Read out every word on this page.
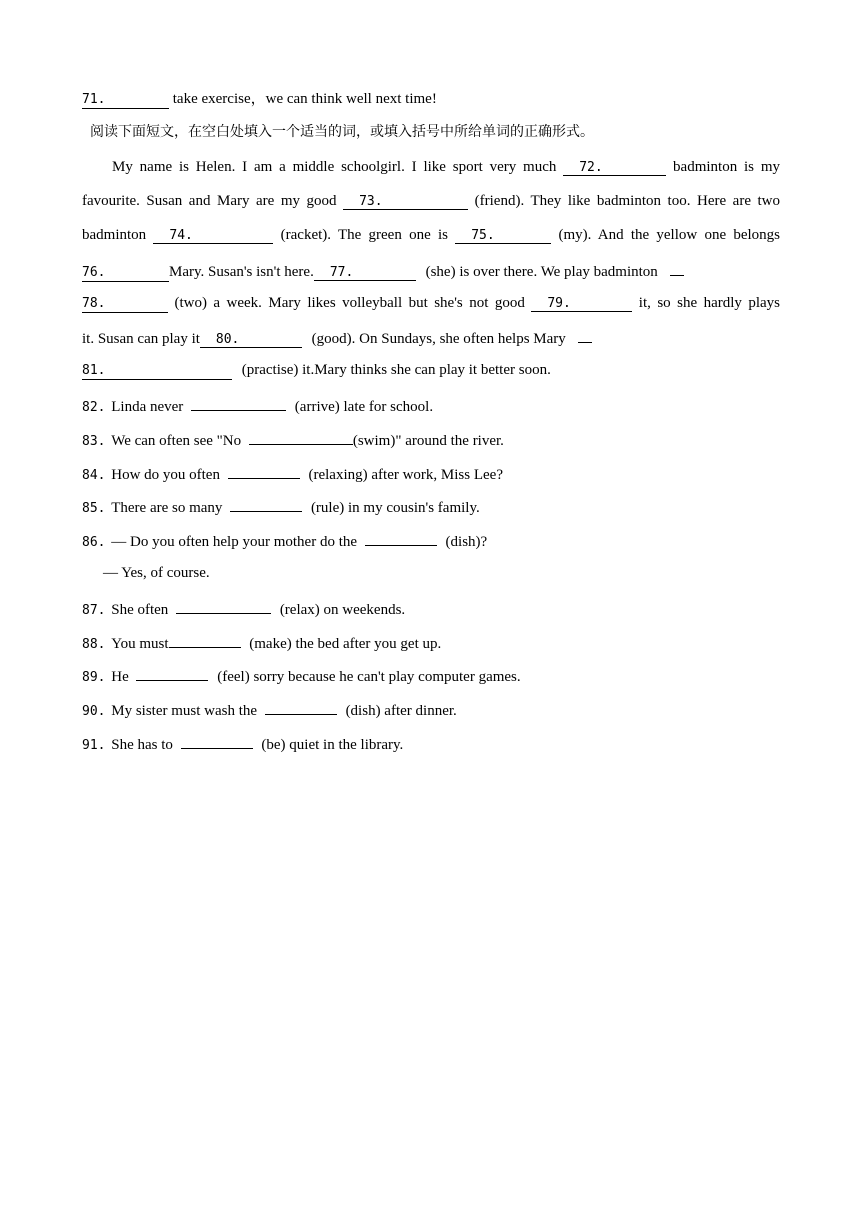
71.	take exercise，we can think well next time!
阅读下面短文，在空白处填入一个适当的词，或填入括号中所给单词的正确形式。
My name is Helen. I am a middle schoolgirl. I like sport very much 72.	badminton is my
favourite. Susan and Mary are my good 73.	(friend). They like badminton too. Here are two
badminton 74.	(racket). The green one is 75.	(my). And the yellow one belongs
76.	Mary. Susan's isn't here. 77.	(she) is over there. We play badminton
78.	(two) a week. Mary likes volleyball but she's not good 79.	it, so she hardly plays
it. Susan can play it 80.	(good). On Sundays, she often helps Mary
81.	(practise) it.Mary thinks she can play it better soon.
82. Linda never	(arrive) late for school.
83. We can often see "No	(swim)" around the river.
84. How do you often	(relaxing) after work, Miss Lee?
85. There are so many	(rule) in my cousin's family.
86. — Do you often help your mother do the	(dish)?
— Yes, of course.
87. She often	(relax) on weekends.
88. You must	(make) the bed after you get up.
89. He	(feel) sorry because he can't play computer games.
90. My sister must wash the	(dish) after dinner.
91. She has to	(be) quiet in the library.
